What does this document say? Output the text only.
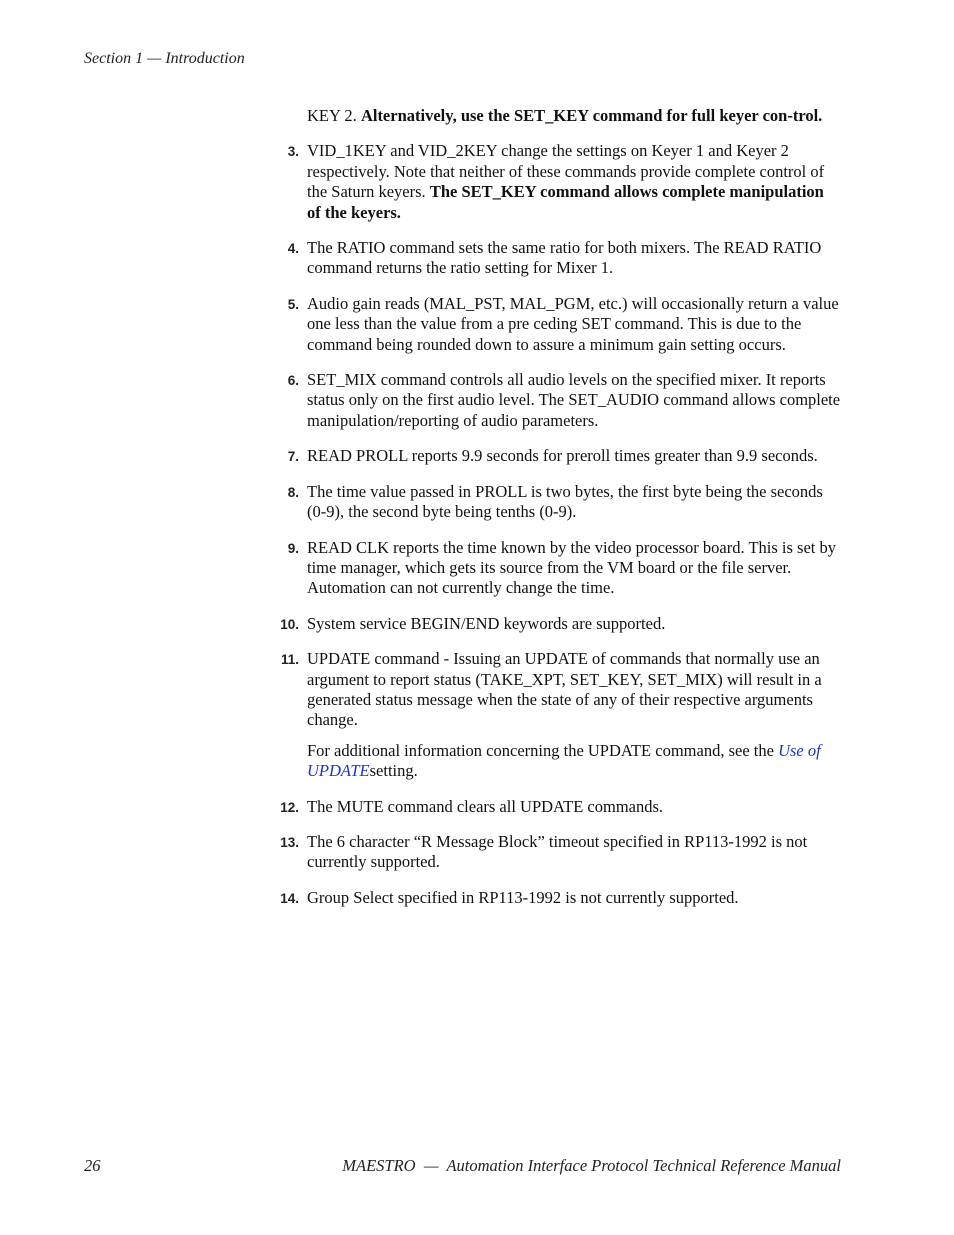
Section 1 — Introduction

KEY 2. Alternatively, use the SET_KEY command for full keyer con-trol.

3. VID_1KEY and VID_2KEY change the settings on Keyer 1 and Keyer 2 respectively. Note that neither of these commands provide complete control of the Saturn keyers. The SET_KEY command allows complete manipulation of the keyers.

4. The RATIO command sets the same ratio for both mixers. The READ RATIO command returns the ratio setting for Mixer 1.

5. Audio gain reads (MAL_PST, MAL_PGM, etc.) will occasionally return a value one less than the value from a pre ceding SET command. This is due to the command being rounded down to assure a minimum gain setting occurs.

6. SET_MIX command controls all audio levels on the specified mixer. It reports status only on the first audio level. The SET_AUDIO command allows complete manipulation/reporting of audio parameters.

7. READ PROLL reports 9.9 seconds for preroll times greater than 9.9 seconds.

8. The time value passed in PROLL is two bytes, the first byte being the seconds (0-9), the second byte being tenths (0-9).

9. READ CLK reports the time known by the video processor board. This is set by time manager, which gets its source from the VM board or the file server. Automation can not currently change the time.

10. System service BEGIN/END keywords are supported.

11. UPDATE command - Issuing an UPDATE of commands that normally use an argument to report status (TAKE_XPT, SET_KEY, SET_MIX) will result in a generated status message when the state of any of their respective arguments change.

For additional information concerning the UPDATE command, see the Use of UPDATEsetting.

12. The MUTE command clears all UPDATE commands.

13. The 6 character “R Message Block” timeout specified in RP113-1992 is not currently supported.

14. Group Select specified in RP113-1992 is not currently supported.

26	MAESTRO  —  Automation Interface Protocol Technical Reference Manual
